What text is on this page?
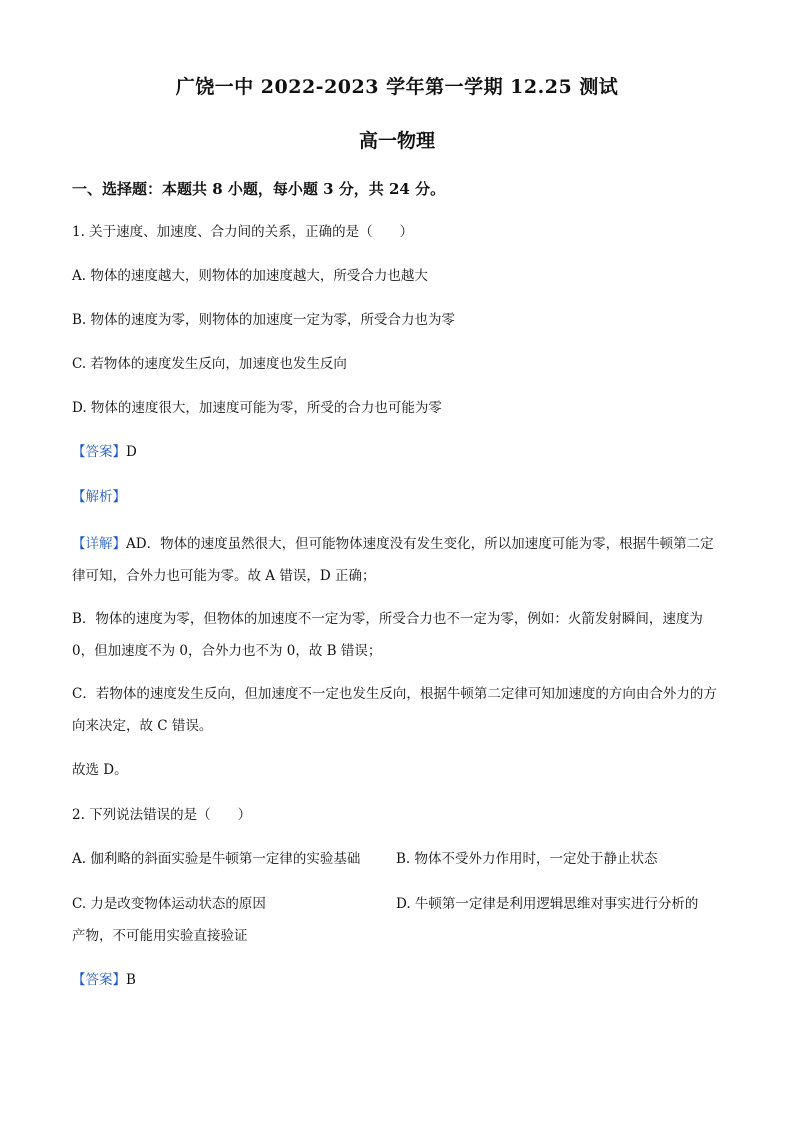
广饶一中 2022-2023 学年第一学期 12.25 测试
高一物理
一、选择题：本题共 8 小题，每小题 3 分，共 24 分。
1. 关于速度、加速度、合力间的关系，正确的是（　　）
A. 物体的速度越大，则物体的加速度越大，所受合力也越大
B. 物体的速度为零，则物体的加速度一定为零，所受合力也为零
C. 若物体的速度发生反向，加速度也发生反向
D. 物体的速度很大，加速度可能为零，所受的合力也可能为零
【答案】D
【解析】
【详解】AD．物体的速度虽然很大，但可能物体速度没有发生变化，所以加速度可能为零，根据牛顿第二定律可知，合外力也可能为零。故 A 错误，D 正确；
B．物体的速度为零，但物体的加速度不一定为零，所受合力也不一定为零，例如：火箭发射瞬间，速度为 0，但加速度不为 0，合外力也不为 0，故 B 错误；
C．若物体的速度发生反向，但加速度不一定也发生反向，根据牛顿第二定律可知加速度的方向由合外力的方向来决定，故 C 错误。
故选 D。
2. 下列说法错误的是（　　）
A. 伽利略的斜面实验是牛顿第一定律的实验基础	B. 物体不受外力作用时，一定处于静止状态
C. 力是改变物体运动状态的原因	D. 牛顿第一定律是利用逻辑思维对事实进行分析的
产物，不可能用实验直接验证
【答案】B
